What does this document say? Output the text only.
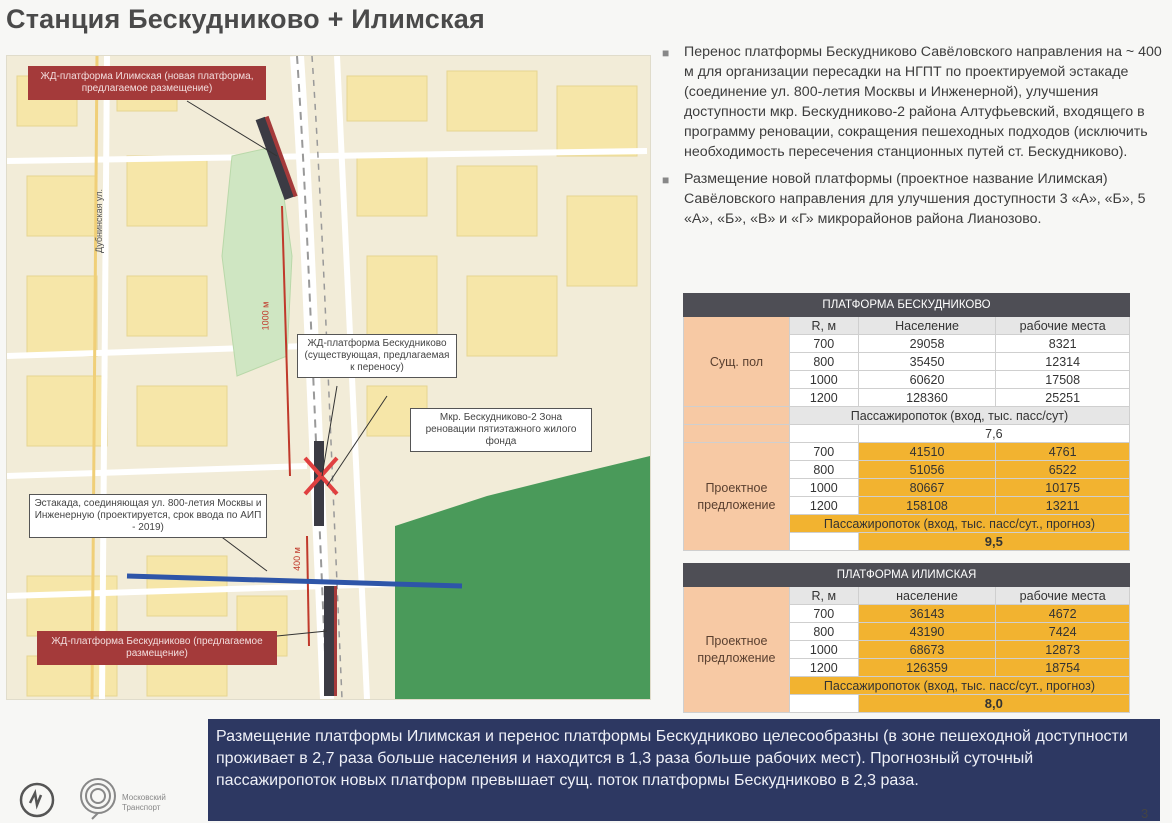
Станция Бескудниково + Илимская
1000 м
400 м
Дубнинская ул.
ЖД-платформа Илимская (новая платформа, предлагаемое размещение)
ЖД-платформа Бескудниково (существующая, предлагаемая к переносу)
Мкр. Бескудниково-2 Зона реновации пятиэтажного жилого фонда
Эстакада, соединяющая ул. 800-летия Москвы и Инженерную (проектируется, срок ввода по АИП - 2019)
ЖД-платформа Бескудниково (предлагаемое размещение)
■ Перенос платформы Бескудниково Савёловского направления на ~ 400 м для организации пересадки на НГПТ по проектируемой эстакаде (соединение ул. 800-летия Москвы и Инженерной), улучшения доступности мкр. Бескудниково-2 района Алтуфьевский, входящего в программу реновации, сокращения пешеходных подходов (исключить необходимость пересечения станционных путей ст. Бескудниково).
■ Размещение новой платформы (проектное название Илимская) Савёловского направления для улучшения доступности 3 «А», «Б», 5 «А», «Б», «В» и «Г» микрорайонов района Лианозово.
ПЛАТФОРМА БЕСКУДНИКОВО			
Сущ. пол	R, м	Население	рабочие места
	700	29058	8321
	800	35450	12314
	1000	60620	17508
	1200	128360	25251
	Пассажиропоток (вход, тыс. пасс/сут)		
		7,6	
Проектное предложение	700	41510	4761
	800	51056	6522
	1000	80667	10175
	1200	158108	13211
	Пассажиропоток (вход, тыс. пасс/сут., прогноз)		
		9,5	
ПЛАТФОРМА ИЛИМСКАЯ			
Проектное предложение	R, м	население	рабочие места
	700	36143	4672
	800	43190	7424
	1000	68673	12873
	1200	126359	18754
	Пассажиропоток (вход, тыс. пасс/сут., прогноз)		
		8,0	
Размещение платформы Илимская и перенос платформы Бескудниково целесообразны (в зоне пешеходной доступности проживает в 2,7 раза больше населения и находится в 1,3 раза больше рабочих мест). Прогнозный суточный пассажиропоток новых платформ превышает сущ. поток платформы Бескудниково в 2,3 раза.
Московский
Транспорт	3
